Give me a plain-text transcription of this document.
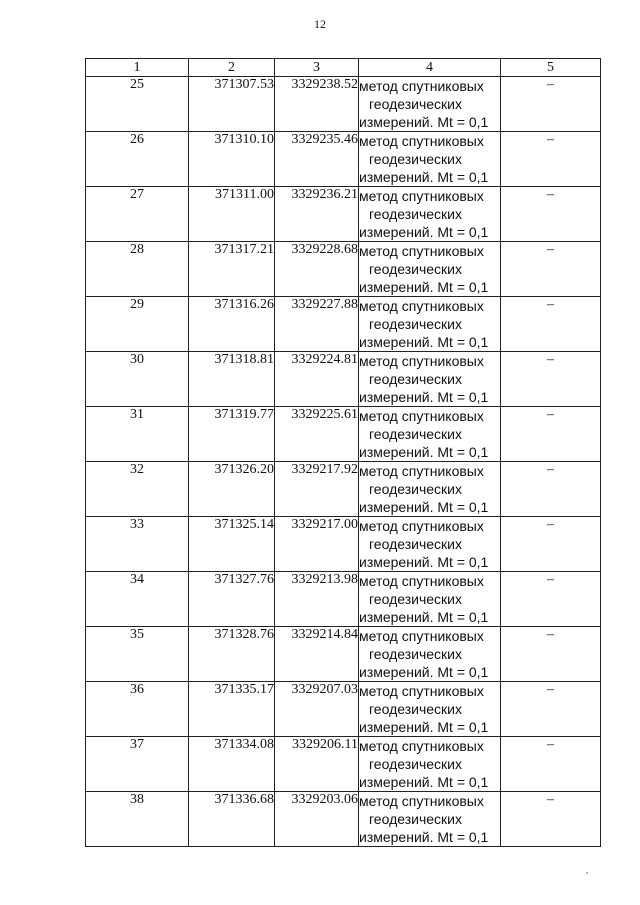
12
1	2	3	4	5
25	371307.53	3329238.52	метод спутниковых
геодезических
измерений. Mt = 0,1	–
26	371310.10	3329235.46	метод спутниковых
геодезических
измерений. Mt = 0,1	–
27	371311.00	3329236.21	метод спутниковых
геодезических
измерений. Mt = 0,1	–
28	371317.21	3329228.68	метод спутниковых
геодезических
измерений. Mt = 0,1	–
29	371316.26	3329227.88	метод спутниковых
геодезических
измерений. Mt = 0,1	–
30	371318.81	3329224.81	метод спутниковых
геодезических
измерений. Mt = 0,1	–
31	371319.77	3329225.61	метод спутниковых
геодезических
измерений. Mt = 0,1	–
32	371326.20	3329217.92	метод спутниковых
геодезических
измерений. Mt = 0,1	–
33	371325.14	3329217.00	метод спутниковых
геодезических
измерений. Mt = 0,1	–
34	371327.76	3329213.98	метод спутниковых
геодезических
измерений. Mt = 0,1	–
35	371328.76	3329214.84	метод спутниковых
геодезических
измерений. Mt = 0,1	–
36	371335.17	3329207.03	метод спутниковых
геодезических
измерений. Mt = 0,1	–
37	371334.08	3329206.11	метод спутниковых
геодезических
измерений. Mt = 0,1	–
38	371336.68	3329203.06	метод спутниковых
геодезических
измерений. Mt = 0,1	–
